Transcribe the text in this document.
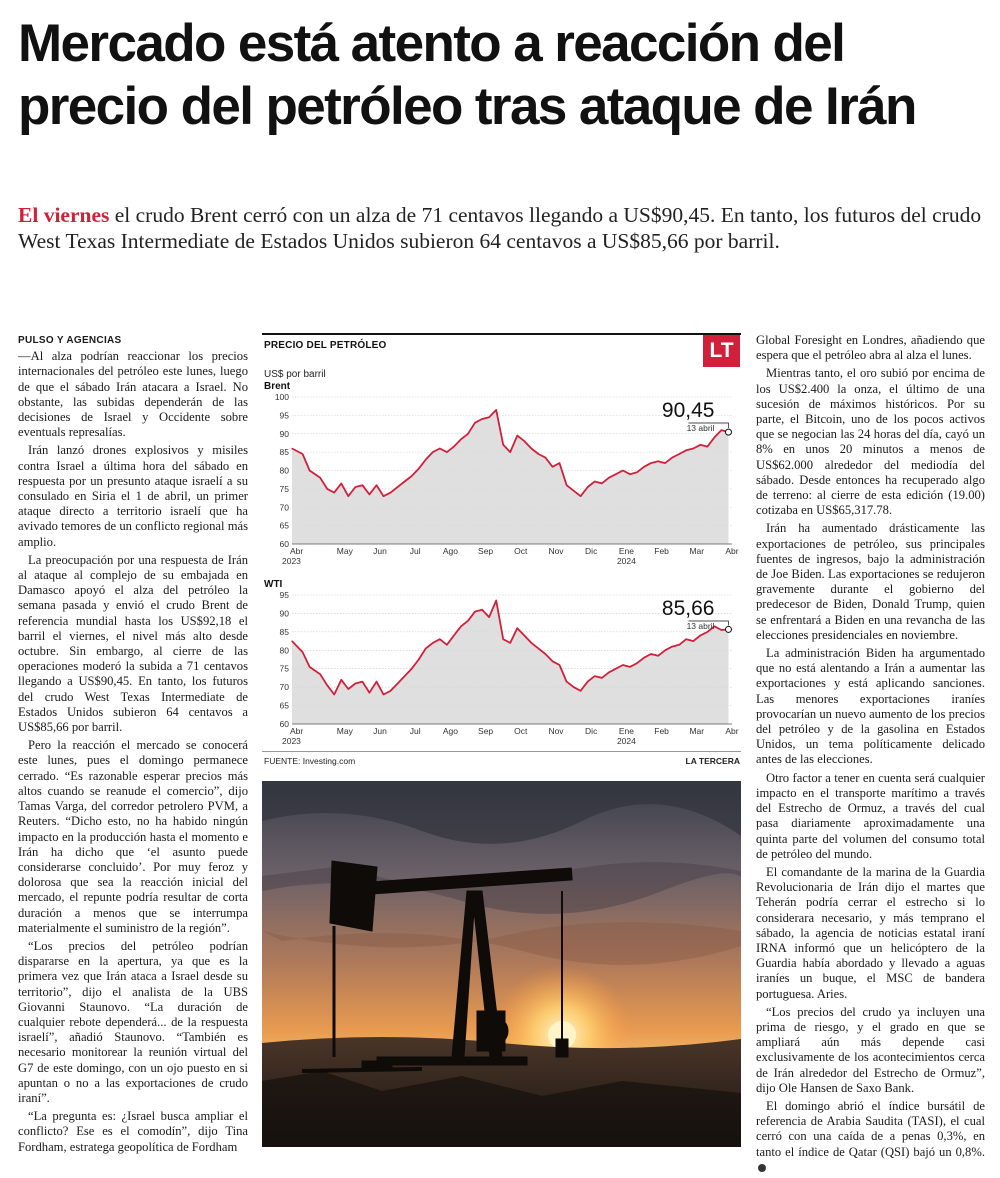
Mercado está atento a reacción del precio del petróleo tras ataque de Irán

El viernes el crudo Brent cerró con un alza de 71 centavos llegando a US$90,45. En tanto, los futuros del crudo West Texas Intermediate de Estados Unidos subieron 64 centavos a US$85,66 por barril.

PULSO Y AGENCIAS

—Al alza podrían reaccionar los precios internacionales del petróleo este lunes, luego de que el sábado Irán atacara a Israel. No obstante, las subidas dependerán de las decisiones de Israel y Occidente sobre eventuals represalías.

Irán lanzó drones explosivos y misiles contra Israel a última hora del sábado en respuesta por un presunto ataque israelí a su consulado en Siria el 1 de abril, un primer ataque directo a territorio israelí que ha avivado temores de un conflicto regional más amplio.

La preocupación por una respuesta de Irán al ataque al complejo de su embajada en Damasco apoyó el alza del petróleo la semana pasada y envió el crudo Brent de referencia mundial hasta los US$92,18 el barril el viernes, el nivel más alto desde octubre. Sin embargo, al cierre de las operaciones moderó la subida a 71 centavos llegando a US$90,45. En tanto, los futuros del crudo West Texas Intermediate de Estados Unidos subieron 64 centavos a US$85,66 por barril.

Pero la reacción el mercado se conocerá este lunes, pues el domingo permanece cerrado. “Es razonable esperar precios más altos cuando se reanude el comercio”, dijo Tamas Varga, del corredor petrolero PVM, a Reuters. “Dicho esto, no ha habido ningún impacto en la producción hasta el momento e Irán ha dicho que ‘el asunto puede considerarse concluido’. Por muy feroz y dolorosa que sea la reacción inicial del mercado, el repunte podría resultar de corta duración a menos que se interrumpa materialmente el suministro de la región”.

“Los precios del petróleo podrían dispararse en la apertura, ya que es la primera vez que Irán ataca a Israel desde su territorio”, dijo el analista de la UBS Giovanni Staunovo. “La duración de cualquier rebote dependerá... de la respuesta israelí”, añadió Staunovo. “También es necesario monitorear la reunión virtual del G7 de este domingo, con un ojo puesto en si apuntan o no a las exportaciones de crudo iraní”.

“La pregunta es: ¿Israel busca ampliar el conflicto? Ese es el comodín”, dijo Tina Fordham, estratega geopolítica de Fordham

PRECIO DEL PETRÓLEO	LT
US$ por barril
Brent
60
65
70
75
80
85
90
95
100
90,45
13 abril
Abr	May Jun	Jul	Ago Sep Oct Nov	Dic	Ene Feb Mar	Abr
2023	2024
WTI
60
65
70
75
80
85
90
95
85,66
13 abril
Abr	May Jun	Jul	Ago Sep Oct Nov	Dic	Ene Feb Mar	Abr
2023	2024
FUENTE: Investing.com	LA TERCERA

Global Foresight en Londres, añadiendo que espera que el petróleo abra al alza el lunes.

Mientras tanto, el oro subió por encima de los US$2.400 la onza, el último de una sucesión de máximos históricos. Por su parte, el Bitcoin, uno de los pocos activos que se negocian las 24 horas del día, cayó un 8% en unos 20 minutos a menos de US$62.000 alrededor del mediodía del sábado. Desde entonces ha recuperado algo de terreno: al cierre de esta edición (19.00) cotizaba en US$65,317.78.

Irán ha aumentado drásticamente las exportaciones de petróleo, sus principales fuentes de ingresos, bajo la administración de Joe Biden. Las exportaciones se redujeron gravemente durante el gobierno del predecesor de Biden, Donald Trump, quien se enfrentará a Biden en una revancha de las elecciones presidenciales en noviembre.

La administración Biden ha argumentado que no está alentando a Irán a aumentar las exportaciones y está aplicando sanciones. Las menores exportaciones iraníes provocarían un nuevo aumento de los precios del petróleo y de la gasolina en Estados Unidos, un tema políticamente delicado antes de las elecciones.

Otro factor a tener en cuenta será cualquier impacto en el transporte marítimo a través del Estrecho de Ormuz, a través del cual pasa diariamente aproximadamente una quinta parte del volumen del consumo total de petróleo del mundo.

El comandante de la marina de la Guardia Revolucionaria de Irán dijo el martes que Teherán podría cerrar el estrecho si lo considerara necesario, y más temprano el sábado, la agencia de noticias estatal iraní IRNA informó que un helicóptero de la Guardia había abordado y llevado a aguas iraníes un buque, el MSC de bandera portuguesa. Aries.

“Los precios del crudo ya incluyen una prima de riesgo, y el grado en que se ampliará aún más depende casi exclusivamente de los acontecimientos cerca de Irán alrededor del Estrecho de Ormuz”, dijo Ole Hansen de Saxo Bank.

El domingo abrió el índice bursátil de referencia de Arabia Saudita (TASI), el cual cerró con una caída de a penas 0,3%, en tanto el índice de Qatar (QSI) bajó un 0,8%.
